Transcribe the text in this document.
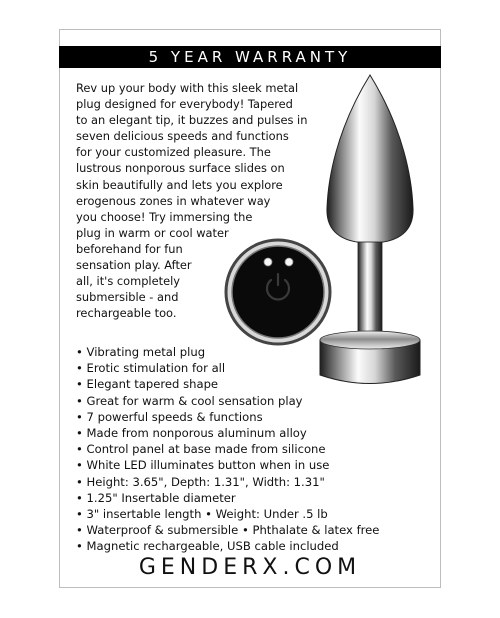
5 YEAR WARRANTY

Rev up your body with this sleek metal
plug designed for everybody! Tapered
to an elegant tip, it buzzes and pulses in
seven delicious speeds and functions
for your customized pleasure. The
lustrous nonporous surface slides on
skin beautifully and lets you explore
erogenous zones in whatever way
you choose! Try immersing the
plug in warm or cool water
beforehand for fun
sensation play. After
all, it's completely
submersible - and
rechargeable too.

• Vibrating metal plug
• Erotic stimulation for all
• Elegant tapered shape
• Great for warm & cool sensation play
• 7 powerful speeds & functions
• Made from nonporous aluminum alloy
• Control panel at base made from silicone
• White LED illuminates button when in use
• Height: 3.65", Depth: 1.31", Width: 1.31"
• 1.25" Insertable diameter
• 3" insertable length • Weight: Under .5 lb
• Waterproof & submersible • Phthalate & latex free
• Magnetic rechargeable, USB cable included
GENDERX.COM
